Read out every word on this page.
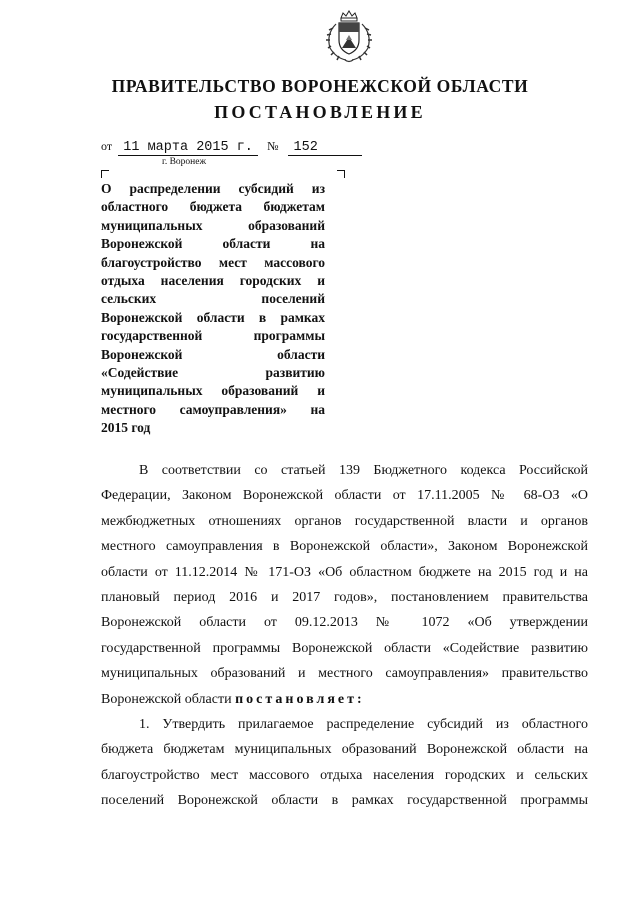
ПРАВИТЕЛЬСТВО ВОРОНЕЖСКОЙ ОБЛАСТИ
ПОСТАНОВЛЕНИЕ
от 11 марта 2015 г. № 152
г. Воронеж
О распределении субсидий из
областного бюджета бюджетам
муниципальных образований
Воронежской области на
благоустройство мест массового
отдыха населения городских и
сельских поселений
Воронежской области в рамках
государственной программы
Воронежской области
«Содействие развитию
муниципальных образований и
местного самоуправления» на
2015 год
В соответствии со статьей 139 Бюджетного кодекса Российской
Федерации, Законом Воронежской области от 17.11.2005 № 68-ОЗ «О
межбюджетных отношениях органов государственной власти и органов
местного самоуправления в Воронежской области», Законом Воронежской
области от 11.12.2014 № 171-ОЗ «Об областном бюджете на 2015 год и на
плановый период 2016 и 2017 годов», постановлением правительства
Воронежской области от 09.12.2013 № 1072 «Об утверждении
государственной программы Воронежской области «Содействие развитию
муниципальных образований и местного самоуправления» правительство
Воронежской области постановляет:
1. Утвердить прилагаемое распределение субсидий из областного
бюджета бюджетам муниципальных образований Воронежской области на
благоустройство мест массового отдыха населения городских и сельских
поселений Воронежской области в рамках государственной программы
